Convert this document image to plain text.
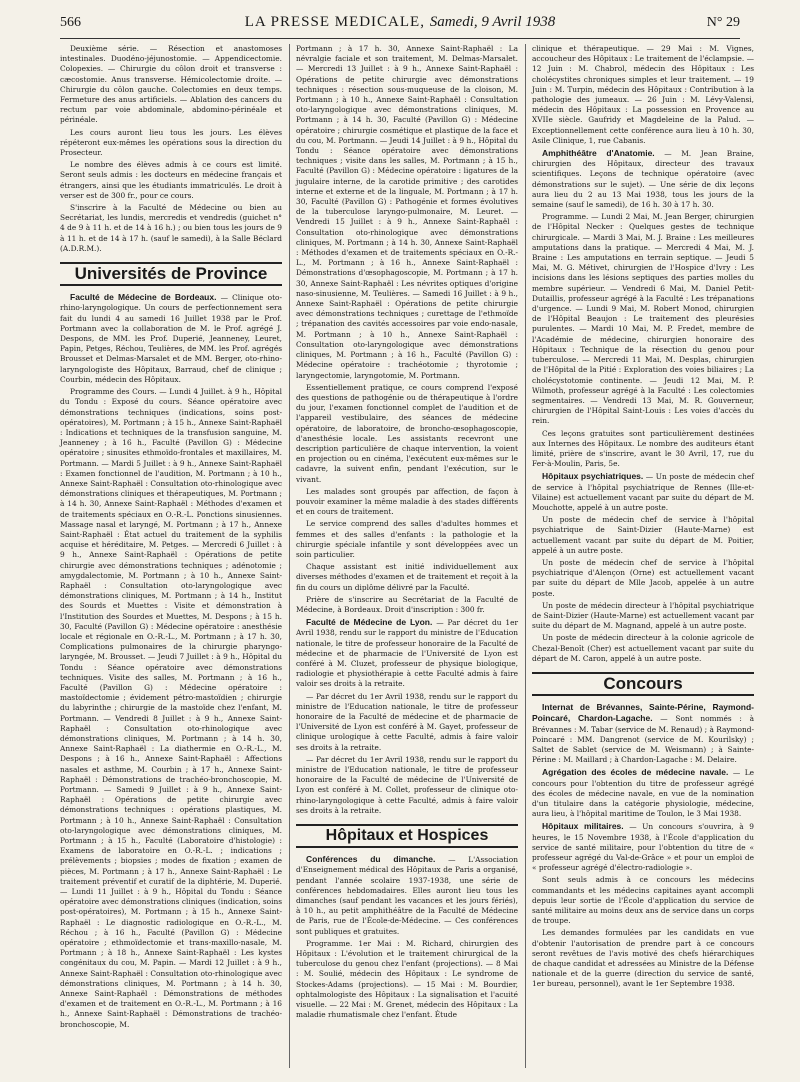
566	LA PRESSE MEDICALE, Samedi, 9 Avril 1938	N° 29

Deuxième série. — Résection et anastomoses intestinales. Duodéno-jéjunostomie. — Appendicectomie. Colopexies. — Chirurgie du côlon droit et transverse : cæcostomie. Anus transverse. Hémicolectomie droite. — Chirurgie du côlon gauche. Colectomies en deux temps. Fermeture des anus artificiels. — Ablation des cancers du rectum par voie abdominale, abdomino-périnéale et périnéale.

Les cours auront lieu tous les jours. Les élèves répéteront eux-mêmes les opérations sous la direction du Prosecteur.

Le nombre des élèves admis à ce cours est limité. Seront seuls admis : les docteurs en médecine français et étrangers, ainsi que les étudiants immatriculés. Le droit à verser est de 300 fr., pour ce cours.

S'inscrire à la Faculté de Médecine ou bien au Secrétariat, les lundis, mercredis et vendredis (guichet n° 4 de 9 à 11 h. et de 14 à 16 h.) ; ou bien tous les jours de 9 à 11 h. et de 14 à 17 h. (sauf le samedi), à la Salle Béclard (A.D.R.M.).

Universités de Province

Faculté de Médecine de Bordeaux. — Clinique oto-rhino-laryngologique. Un cours de perfectionnement sera fait du lundi 4 au samedi 16 Juillet 1938 par le Prof. Portmann avec la collaboration de M. le Prof. agrégé J. Despons, de MM. les Prof. Duperié, Jeanneney, Leuret, Papin, Petges, Réchou, Teulières, de MM. les Prof. agrégés Brousset et Delmas-Marsalet et de MM. Berger, oto-rhino-laryngologiste des Hôpitaux, Barraud, chef de clinique ; Courbin, médecin des Hôpitaux.

Programme des Cours. — Lundi 4 Juillet. à 9 h., Hôpital du Tondu : Exposé du cours. Séance opératoire avec démonstrations techniques (indications, soins post-opératoires), M. Portmann ; à 15 h., Annexe Saint-Raphaël : Indications et techniques de la transfusion sanguine, M. Jeanneney ; à 16 h., Faculté (Pavillon G) : Médecine opératoire ; sinusites ethmoïdo-frontales et maxillaires, M. Portmann. — Mardi 5 Juillet : à 9 h., Annexe Saint-Raphaël : Examen fonctionnel de l'audition, M. Portmann ; à 10 h., Annexe Saint-Raphaël : Consultation oto-rhinologique avec démonstrations cliniques et thérapeutiques, M. Portmann ; à 14 h. 30, Annexe Saint-Raphaël : Méthodes d'examen et de traitements spéciaux en O.-R.-L. Ponctions sinusiennes. Massage nasal et laryngé, M. Portmann ; à 17 h., Annexe Saint-Raphaël : État actuel du traitement de la syphilis acquise et héréditaire, M. Petges. — Mercredi 6 Juillet : à 9 h., Annexe Saint-Raphaël : Opérations de petite chirurgie avec démonstrations techniques ; adénotomie ; amygdalectomie, M. Portmann ; à 10 h., Annexe Saint-Raphaël : Consultation oto-laryngologique avec démonstrations cliniques, M. Portmann ; à 14 h., Institut des Sourds et Muettes : Visite et démonstration à l'Institution des Sourdes et Muettes, M. Despons ; à 15 h. 30, Faculté (Pavillon G) : Médecine opératoire : anesthésie locale et régionale en O.-R.-L., M. Portmann ; à 17 h. 30, Complications pulmonaires de la chirurgie pharyngo-laryngée, M. Brousset. — Jeudi 7 Juillet : à 9 h., Hôpital du Tondu : Séance opératoire avec démonstrations techniques. Visite des salles, M. Portmann ; à 16 h., Faculté (Pavillon G) : Médecine opératoire : mastoïdectomie ; évidement pétro-mastoïdien ; chirurgie du labyrinthe ; chirurgie de la mastoïde chez l'enfant, M. Portmann. — Vendredi 8 Juillet : à 9 h., Annexe Saint-Raphaël : Consultation oto-rhinologique avec démonstrations cliniques, M. Portmann ; à 14 h. 30, Annexe Saint-Raphaël : La diathermie en O.-R.-L., M. Despons ; à 16 h., Annexe Saint-Raphaël : Affections nasales et asthme, M. Courbin ; à 17 h., Annexe Saint-Raphaël : Démonstrations de trachéo-bronchoscopie, M. Portmann. — Samedi 9 Juillet : à 9 h., Annexe Saint-Raphaël : Opérations de petite chirurgie avec démonstrations techniques : opérations plastiques, M. Portmann ; à 10 h., Annexe Saint-Raphaël : Consultation oto-laryngologique avec démonstrations cliniques, M. Portmann ; à 15 h., Faculté (Laboratoire d'histologie) : Examens de laboratoire en O.-R.-L. ; indications ; prélèvements ; biopsies ; modes de fixation ; examen de pièces, M. Portmann ; à 17 h., Annexe Saint-Raphaël : Le traitement préventif et curatif de la diphtérie, M. Duperié. — Lundi 11 Juillet : à 9 h., Hôpital du Tondu : Séance opératoire avec démonstrations cliniques (indication, soins post-opératoires), M. Portmann ; à 15 h., Annexe Saint-Raphaël : Le diagnostic radiologique en O.-R.-L., M. Réchou ; à 16 h., Faculté (Pavillon G) : Médecine opératoire ; ethmoïdectomie et trans-maxillo-nasale, M. Portmann ; à 18 h., Annexe Saint-Raphaël : Les kystes congénitaux du cou, M. Papin. — Mardi 12 Juillet : à 9 h., Annexe Saint-Raphaël : Consultation oto-rhinologique avec démonstrations cliniques, M. Portmann ; à 14 h. 30, Annexe Saint-Raphaël : Démonstrations de méthodes d'examen et de traitement en O.-R.-L., M. Portmann ; à 16 h., Annexe Saint-Raphaël : Démonstrations de trachéo-bronchoscopie, M.

Portmann ; à 17 h. 30, Annexe Saint-Raphaël : La névralgie faciale et son traitement, M. Delmas-Marsalet. — Mercredi 13 Juillet : à 9 h., Annexe Saint-Raphaël : Opérations de petite chirurgie avec démonstrations techniques : résection sous-muqueuse de la cloison, M. Portmann ; à 10 h., Annexe Saint-Raphaël : Consultation oto-laryngologique avec démonstrations cliniques, M. Portmann ; à 14 h. 30, Faculté (Pavillon G) : Médecine opératoire ; chirurgie cosmétique et plastique de la face et du cou, M. Portmann. — Jeudi 14 Juillet : à 9 h., Hôpital du Tondu : Séance opératoire avec démonstrations techniques ; visite dans les salles, M. Portmann ; à 15 h., Faculté (Pavillon G) : Médecine opératoire : ligatures de la jugulaire interne, de la carotide primitive ; des carotides interne et externe et de la linguale, M. Portmann ; à 17 h. 30, Faculté (Pavillon G) : Pathogénie et formes évolutives de la tuberculose laryngo-pulmonaire, M. Leuret. — Vendredi 15 Juillet : à 9 h., Annexe Saint-Raphaël : Consultation oto-rhinologique avec démonstrations cliniques, M. Portmann ; à 14 h. 30, Annexe Saint-Raphaël : Méthodes d'examen et de traitements spéciaux en O.-R.-L., M. Portmann ; à 16 h., Annexe Saint-Raphaël : Démonstrations d'œsophagoscopie, M. Portmann ; à 17 h. 30, Annexe Saint-Raphaël : Les névrites optiques d'origine naso-sinusienne, M. Teulières. — Samedi 16 Juillet : à 9 h., Annexe Saint-Raphaël : Opérations de petite chirurgie avec démonstrations techniques ; curettage de l'ethmoïde ; trépanation des cavités accessoires par voie endo-nasale, M. Portmann ; à 10 h., Annexe Saint-Raphaël : Consultation oto-laryngologique avec démonstrations cliniques, M. Portmann ; à 16 h., Faculté (Pavillon G) : Médecine opératoire : trachéotomie ; thyrotomie ; laryngectomie, laryngotomie, M. Portmann.

Essentiellement pratique, ce cours comprend l'exposé des questions de pathogénie ou de thérapeutique à l'ordre du jour, l'examen fonctionnel complet de l'audition et de l'appareil vestibulaire, des séances de médecine opératoire, de laboratoire, de broncho-œsophagoscopie, d'anesthésie locale. Les assistants recevront une description particulière de chaque intervention, la voient en projection ou en cinéma, l'exécutent eux-mêmes sur le cadavre, la suivent enfin, pendant l'exécution, sur le vivant.

Les malades sont groupés par affection, de façon à pouvoir examiner la même maladie à des stades différents et en cours de traitement.

Le service comprend des salles d'adultes hommes et femmes et des salles d'enfants : la pathologie et la chirurgie spéciale infantile y sont développées avec un soin particulier.

Chaque assistant est initié individuellement aux diverses méthodes d'examen et de traitement et reçoit à la fin du cours un diplôme délivré par la Faculté.

Prière de s'inscrire au Secrétariat de la Faculté de Médecine, à Bordeaux. Droit d'inscription : 300 fr.

Faculté de Médecine de Lyon. — Par décret du 1er Avril 1938, rendu sur le rapport du ministre de l'Education nationale, le titre de professeur honoraire de la Faculté de médecine et de pharmacie de l'Université de Lyon est conféré à M. Cluzet, professeur de physique biologique, radiologie et physiothérapie à cette Faculté admis à faire valoir ses droits à la retraite.

— Par décret du 1er Avril 1938, rendu sur le rapport du ministre de l'Education nationale, le titre de professeur honoraire de la Faculté de médecine et de pharmacie de l'Université de Lyon est conféré à M. Gayet, professeur de clinique urologique à cette Faculté, admis à faire valoir ses droits à la retraite.

— Par décret du 1er Avril 1938, rendu sur le rapport du ministre de l'Education nationale, le titre de professeur honoraire de la Faculté de médecine de l'Université de Lyon est conféré à M. Collet, professeur de clinique oto-rhino-laryngologique à cette Faculté, admis à faire valoir ses droits à la retraite.

Hôpitaux et Hospices

Conférences du dimanche. — L'Association d'Enseignement médical des Hôpitaux de Paris a organisé, pendant l'année scolaire 1937-1938, une série de conférences hebdomadaires. Elles auront lieu tous les dimanches (sauf pendant les vacances et les jours fériés), à 10 h., au petit amphithéâtre de la Faculté de Médecine de Paris, rue de l'École-de-Médecine. — Ces conférences sont publiques et gratuites.

Programme. 1er Mai : M. Richard, chirurgien des Hôpitaux : L'évolution et le traitement chirurgical de la tuberculose du genou chez l'enfant (projections). — 8 Mai : M. Soulié, médecin des Hôpitaux : Le syndrome de Stockes-Adams (projections). — 15 Mai : M. Bourdier, ophtalmologiste des Hôpitaux : La signalisation et l'acuité visuelle. — 22 Mai : M. Grenet, médecin des Hôpitaux : La maladie rhumatismale chez l'enfant. Étude

clinique et thérapeutique. — 29 Mai : M. Vignes, accoucheur des Hôpitaux : Le traitement de l'éclampsie. — 12 Juin : M. Chabrol, médecin des Hôpitaux : Les cholécystites chroniques simples et leur traitement. — 19 Juin : M. Turpin, médecin des Hôpitaux : Contribution à la pathologie des jumeaux. — 26 Juin : M. Lévy-Valensi, médecin des Hôpitaux : La possession en Provence au XVIIe siècle. Gaufridy et Magdeleine de la Palud. — Exceptionnellement cette conférence aura lieu à 10 h. 30, Asile Clinique, 1, rue Cabanis.

Amphithéâtre d'Anatomie. — M. Jean Braine, chirurgien des Hôpitaux, directeur des travaux scientifiques. Leçons de technique opératoire (avec démonstrations sur le sujet). — Une série de dix leçons aura lieu du 2 au 13 Mai 1938, tous les jours de la semaine (sauf le samedi), de 16 h. 30 à 17 h. 30.

Programme. — Lundi 2 Mai, M. Jean Berger, chirurgien de l'Hôpital Necker : Quelques gestes de technique chirurgicale. — Mardi 3 Mai, M. J. Braine : Les meilleures amputations dans la pratique. — Mercredi 4 Mai, M. J. Braine : Les amputations en terrain septique. — Jeudi 5 Mai, M. G. Métivet, chirurgien de l'Hospice d'Ivry : Les incisions dans les lésions septiques des parties molles du membre supérieur. — Vendredi 6 Mai, M. Daniel Petit-Dutaillis, professeur agrégé à la Faculté : Les trépanations d'urgence. — Lundi 9 Mai, M. Robert Monod, chirurgien de l'Hôpital Beaujon : Le traitement des pleurésies purulentes. — Mardi 10 Mai, M. P. Fredet, membre de l'Académie de médecine, chirurgien honoraire des Hôpitaux : Technique de la résection du genou pour tuberculose. — Mercredi 11 Mai, M. Desplas, chirurgien de l'Hôpital de la Pitié : Exploration des voies biliaires ; La cholécystotomie continente. — Jeudi 12 Mai, M. P. Wilmoth, professeur agrégé à la Faculté : Les colectomies segmentaires. — Vendredi 13 Mai, M. R. Gouverneur, chirurgien de l'Hôpital Saint-Louis : Les voies d'accès du rein.

Ces leçons gratuites sont particulièrement destinées aux Internes des Hôpitaux. Le nombre des auditeurs étant limité, prière de s'inscrire, avant le 30 Avril, 17, rue du Fer-à-Moulin, Paris, 5e.

Hôpitaux psychiatriques. — Un poste de médecin chef de service à l'hôpital psychiatrique de Rennes (Ille-et-Vilaine) est actuellement vacant par suite du départ de M. Mouchotte, appelé à un autre poste.

Un poste de médecin chef de service à l'hôpital psychiatrique de Saint-Dizier (Haute-Marne) est actuellement vacant par suite du départ de M. Poitier, appelé à un autre poste.

Un poste de médecin chef de service à l'hôpital psychiatrique d'Alençon (Orne) est actuellement vacant par suite du départ de Mlle Jacob, appelée à un autre poste.

Un poste de médecin directeur à l'hôpital psychiatrique de Saint-Dizier (Haute-Marne) est actuellement vacant par suite du départ de M. Magnand, appelé à un autre poste.

Un poste de médecin directeur à la colonie agricole de Chezal-Benoît (Cher) est actuellement vacant par suite du départ de M. Caron, appelé à un autre poste.

Concours

Internat de Brévannes, Sainte-Périne, Raymond-Poincaré, Chardon-Lagache. — Sont nommés : à Brévannes : M. Tabar (service de M. Renaud) ; à Raymond-Poincaré : MM. Dangrenot (service de M. Kourilsky) ; Saltet de Sablet (service de M. Weismann) ; à Sainte-Périne : M. Maillard ; à Chardon-Lagache : M. Delaire.

Agrégation des écoles de médecine navale. — Le concours pour l'obtention du titre de professeur agrégé des écoles de médecine navale, en vue de la nomination d'un titulaire dans la catégorie physiologie, médecine, aura lieu, à l'hôpital maritime de Toulon, le 3 Mai 1938.

Hôpitaux militaires. — Un concours s'ouvrira, à 9 heures, le 15 Novembre 1938, à l'École d'application du service de santé militaire, pour l'obtention du titre de « professeur agrégé du Val-de-Grâce » et pour un emploi de « professeur agrégé d'électro-radiologie ».

Sont seuls admis à ce concours les médecins commandants et les médecins capitaines ayant accompli depuis leur sortie de l'École d'application du service de santé militaire au moins deux ans de service dans un corps de troupe.

Les demandes formulées par les candidats en vue d'obtenir l'autorisation de prendre part à ce concours seront revêtues de l'avis motivé des chefs hiérarchiques de chaque candidat et adressées au Ministre de la Défense nationale et de la guerre (direction du service de santé, 1er bureau, personnel), avant le 1er Septembre 1938.
